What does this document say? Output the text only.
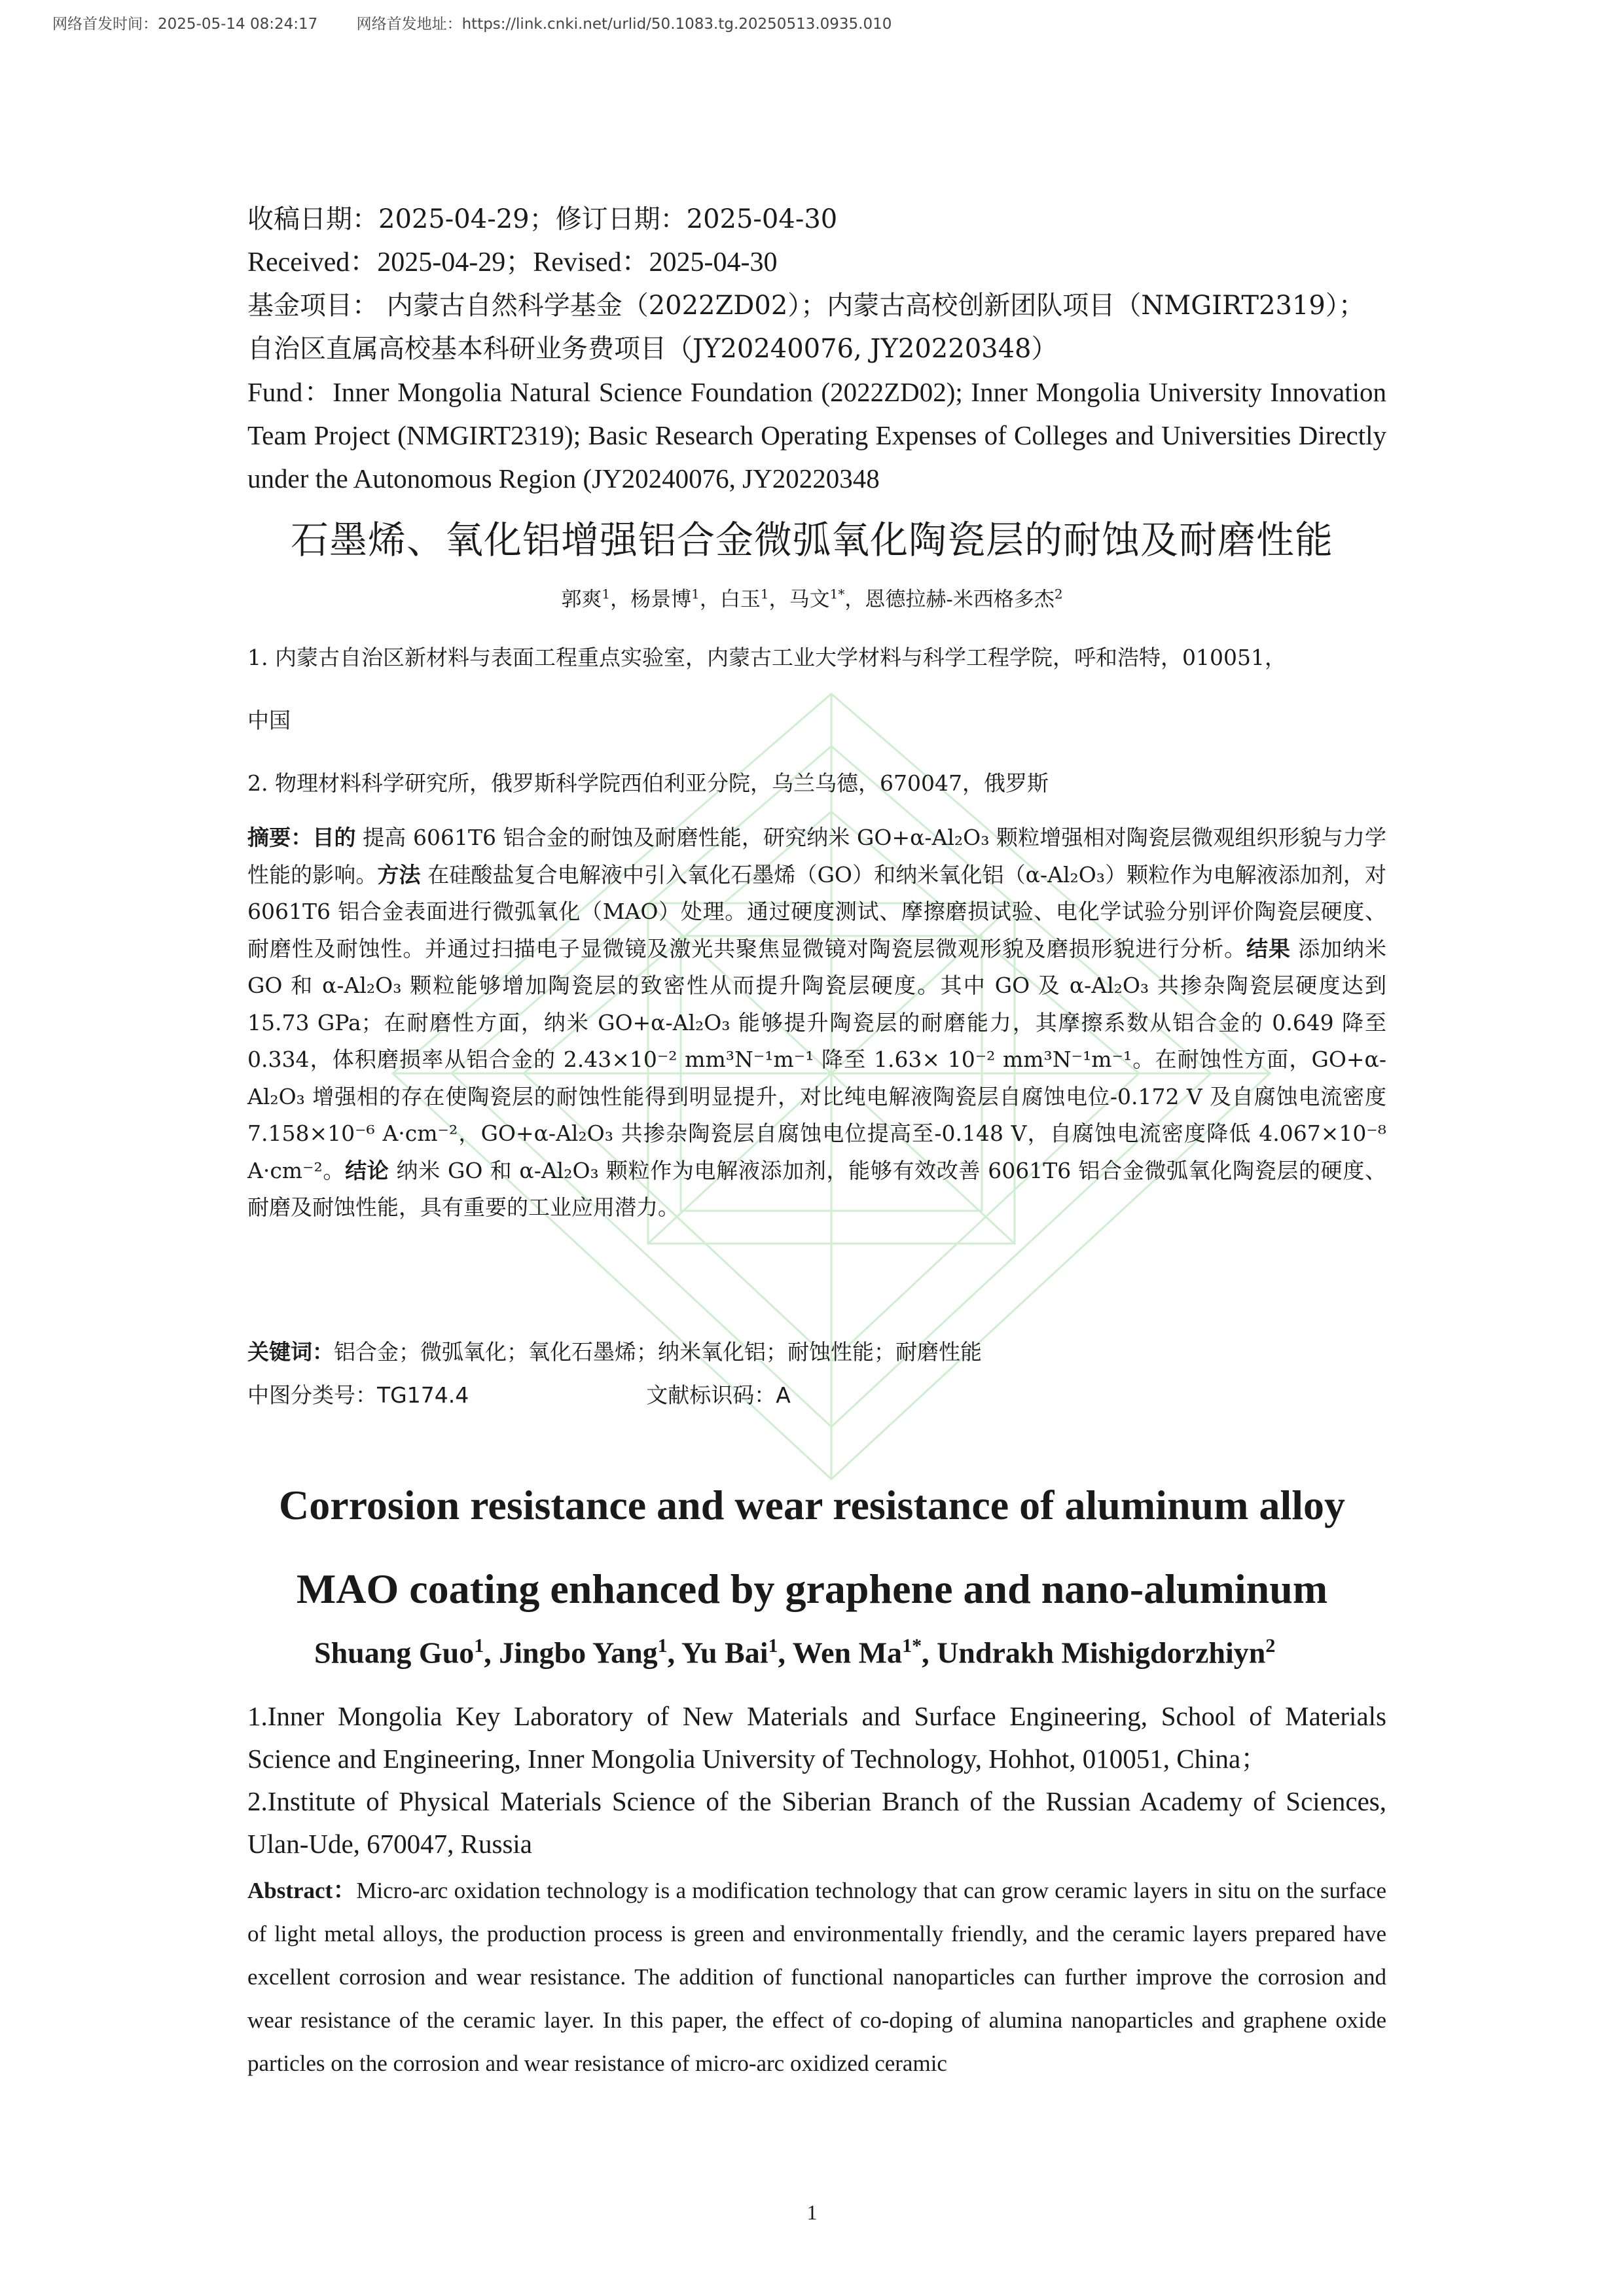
网络首发时间：2025-05-14 08:24:17	网络首发地址：https://link.cnki.net/urlid/50.1083.tg.20250513.0935.010
收稿日期：2025-04-29；修订日期：2025-04-30
Received：2025-04-29；Revised：2025-04-30
基金项目： 内蒙古自然科学基金（2022ZD02）；内蒙古高校创新团队项目（NMGIRT2319）；
自治区直属高校基本科研业务费项目（JY20240076, JY20220348）
Fund：Inner Mongolia Natural Science Foundation (2022ZD02); Inner Mongolia University Innovation Team Project (NMGIRT2319); Basic Research Operating Expenses of Colleges and Universities Directly under the Autonomous Region (JY20240076, JY20220348
石墨烯、氧化铝增强铝合金微弧氧化陶瓷层的耐蚀及耐磨性能
郭爽$^1$，杨景博$^1$，白玉$^1$，马文$^{1*}$，恩德拉赫-米西格多杰$^2$
1. 内蒙古自治区新材料与表面工程重点实验室，内蒙古工业大学材料与科学工程学院，呼和浩特，010051，
中国
2. 物理材料科学研究所，俄罗斯科学院西伯利亚分院，乌兰乌德，670047，俄罗斯
摘要：目的 提高 6061T6 铝合金的耐蚀及耐磨性能，研究纳米 GO+α-Al₂O₃ 颗粒增强相对陶瓷层微观组织形貌与力学性能的影响。方法 在硅酸盐复合电解液中引入氧化石墨烯（GO）和纳米氧化铝（α-Al₂O₃）颗粒作为电解液添加剂，对 6061T6 铝合金表面进行微弧氧化（MAO）处理。通过硬度测试、摩擦磨损试验、电化学试验分别评价陶瓷层硬度、耐磨性及耐蚀性。并通过扫描电子显微镜及激光共聚焦显微镜对陶瓷层微观形貌及磨损形貌进行分析。结果 添加纳米 GO 和 α-Al₂O₃ 颗粒能够增加陶瓷层的致密性从而提升陶瓷层硬度。其中 GO 及 α-Al₂O₃ 共掺杂陶瓷层硬度达到 15.73 GPa；在耐磨性方面，纳米 GO+α-Al₂O₃ 能够提升陶瓷层的耐磨能力，其摩擦系数从铝合金的 0.649 降至 0.334，体积磨损率从铝合金的 2.43×10⁻² mm³N⁻¹m⁻¹ 降至 1.63× 10⁻² mm³N⁻¹m⁻¹。在耐蚀性方面，GO+α-Al₂O₃ 增强相的存在使陶瓷层的耐蚀性能得到明显提升，对比纯电解液陶瓷层自腐蚀电位-0.172 V 及自腐蚀电流密度 7.158×10⁻⁶ A·cm⁻²，GO+α-Al₂O₃ 共掺杂陶瓷层自腐蚀电位提高至-0.148 V，自腐蚀电流密度降低 4.067×10⁻⁸ A·cm⁻²。结论 纳米 GO 和 α-Al₂O₃ 颗粒作为电解液添加剂，能够有效改善 6061T6 铝合金微弧氧化陶瓷层的硬度、耐磨及耐蚀性能，具有重要的工业应用潜力。
关键词：铝合金；微弧氧化；氧化石墨烯；纳米氧化铝；耐蚀性能；耐磨性能
中图分类号：TG174.4	文献标识码：A
Corrosion resistance and wear resistance of aluminum alloy
MAO coating enhanced by graphene and nano-aluminum
Shuang Guo$^1$, Jingbo Yang$^1$, Yu Bai$^1$, Wen $Ma^{1*}$, Undrakh Mishigdorzhiyn$^2$
1.Inner Mongolia Key Laboratory of New Materials and Surface Engineering, School of Materials Science and Engineering, Inner Mongolia University of Technology, Hohhot, 010051, China；
2.Institute of Physical Materials Science of the Siberian Branch of the Russian Academy of Sciences, Ulan-Ude, 670047, Russia
Abstract：Micro-arc oxidation technology is a modification technology that can grow ceramic layers in situ on the surface of light metal alloys, the production process is green and environmentally friendly, and the ceramic layers prepared have excellent corrosion and wear resistance. The addition of functional nanoparticles can further improve the corrosion and wear resistance of the ceramic layer. In this paper, the effect of co-doping of alumina nanoparticles and graphene oxide particles on the corrosion and wear resistance of micro-arc oxidized ceramic
1
